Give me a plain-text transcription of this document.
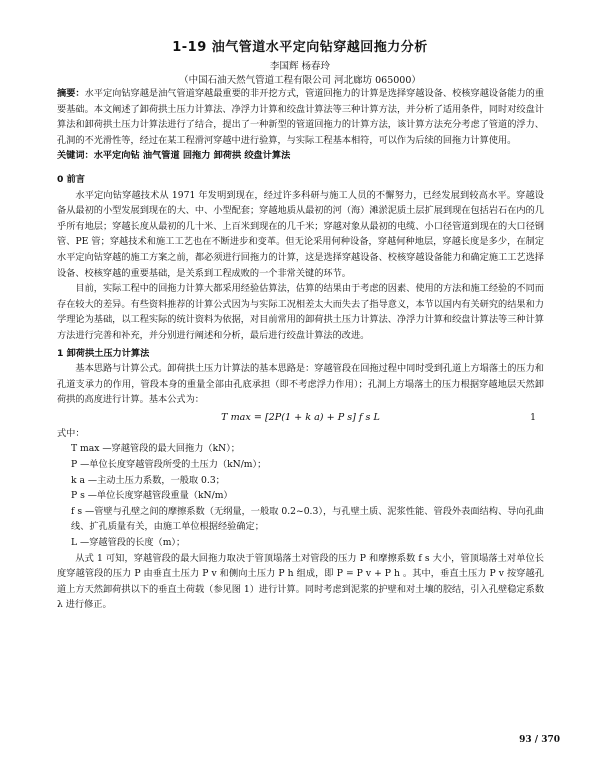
1-19 油气管道水平定向钻穿越回拖力分析
李国辉 杨春玲
（中国石油天然气管道工程有限公司 河北廊坊 065000）

摘要：水平定向钻穿越是油气管道穿越最重要的非开挖方式，管道回拖力的计算是选择穿越设备、校核穿越设备能力的重要基础。本文阐述了卸荷拱土压力计算法、净浮力计算和绞盘计算法等三种计算方法，并分析了适用条件，同时对绞盘计算法和卸荷拱土压力计算法进行了结合，提出了一种新型的管道回拖力的计算方法，该计算方法充分考虑了管道的浮力、孔洞的不光滑性等，经过在某工程滑河穿越中进行验算，与实际工程基本相符，可以作为后续的回拖力计算使用。

关键词：水平定向钻 油气管道 回拖力 卸荷拱 绞盘计算法

0 前言

水平定向钻穿越技术从 1971 年发明到现在，经过许多科研与施工人员的不懈努力，已经发展到较高水平。穿越设备从最初的小型发展到现在的大、中、小型配套；穿越地质从最初的河（海）滩淤泥质土层扩展到现在包括岩石在内的几乎所有地层；穿越长度从最初的几十米、上百米到现在的几千米；穿越对象从最初的电缆、小口径管道到现在的大口径钢管、PE 管；穿越技术和施工工艺也在不断进步和变革。但无论采用何种设备，穿越何种地层，穿越长度是多少，在制定水平定向钻穿越的施工方案之前，都必须进行回拖力的计算，这是选择穿越设备、校核穿越设备能力和确定施工工艺选择设备、校核穿越的重要基础，是关系到工程成败的一个非常关键的环节。

目前，实际工程中的回拖力计算大都采用经验估算法，估算的结果由于考虑的因素、使用的方法和施工经验的不同而存在较大的差异。有些资料推荐的计算公式因为与实际工况相差太大而失去了指导意义，本节以国内有关研究的结果和力学理论为基础，以工程实际的统计资料为依据，对目前常用的卸荷拱土压力计算法、净浮力计算和绞盘计算法等三种计算方法进行完善和补充，并分别进行阐述和分析，最后进行绞盘计算法的改进。

1 卸荷拱土压力计算法

基本思路与计算公式。卸荷拱土压力计算法的基本思路是：穿越管段在回拖过程中同时受到孔道上方塌落土的压力和孔道支承力的作用，管段本身的重量全部由孔底承担（即不考虑浮力作用）；孔洞上方塌落土的压力根据穿越地层天然卸荷拱的高度进行计算。基本公式为：

T max = [2P(1 + k a) + P s] f s L	1

式中：

T max —穿越管段的最大回拖力（kN）；

P —单位长度穿越管段所受的土压力（kN/m）；

k a —主动土压力系数，一般取 0.3；

P s —单位长度穿越管段重量（kN/m）

f s —管壁与孔壁之间的摩擦系数（无纲量，一般取 0.2~0.3），与孔壁土质、泥浆性能、管段外表面结构、导向孔曲线、扩孔质量有关，由施工单位根据经验确定；

L —穿越管段的长度（m）；

从式 1 可知，穿越管段的最大回拖力取决于管顶塌落土对管段的压力 P 和摩擦系数 f s 大小，管顶塌落土对单位长度穿越管段的压力 P 由垂直土压力 P v 和侧向土压力 P h 组成，即 P = P v + P h 。其中，垂直土压力 P v 按穿越孔道上方天然卸荷拱以下的垂直土荷载（参见图 1）进行计算。同时考虑到泥浆的护壁和对土壤的胶结，引入孔壁稳定系数 λ 进行修正。

93 / 370
